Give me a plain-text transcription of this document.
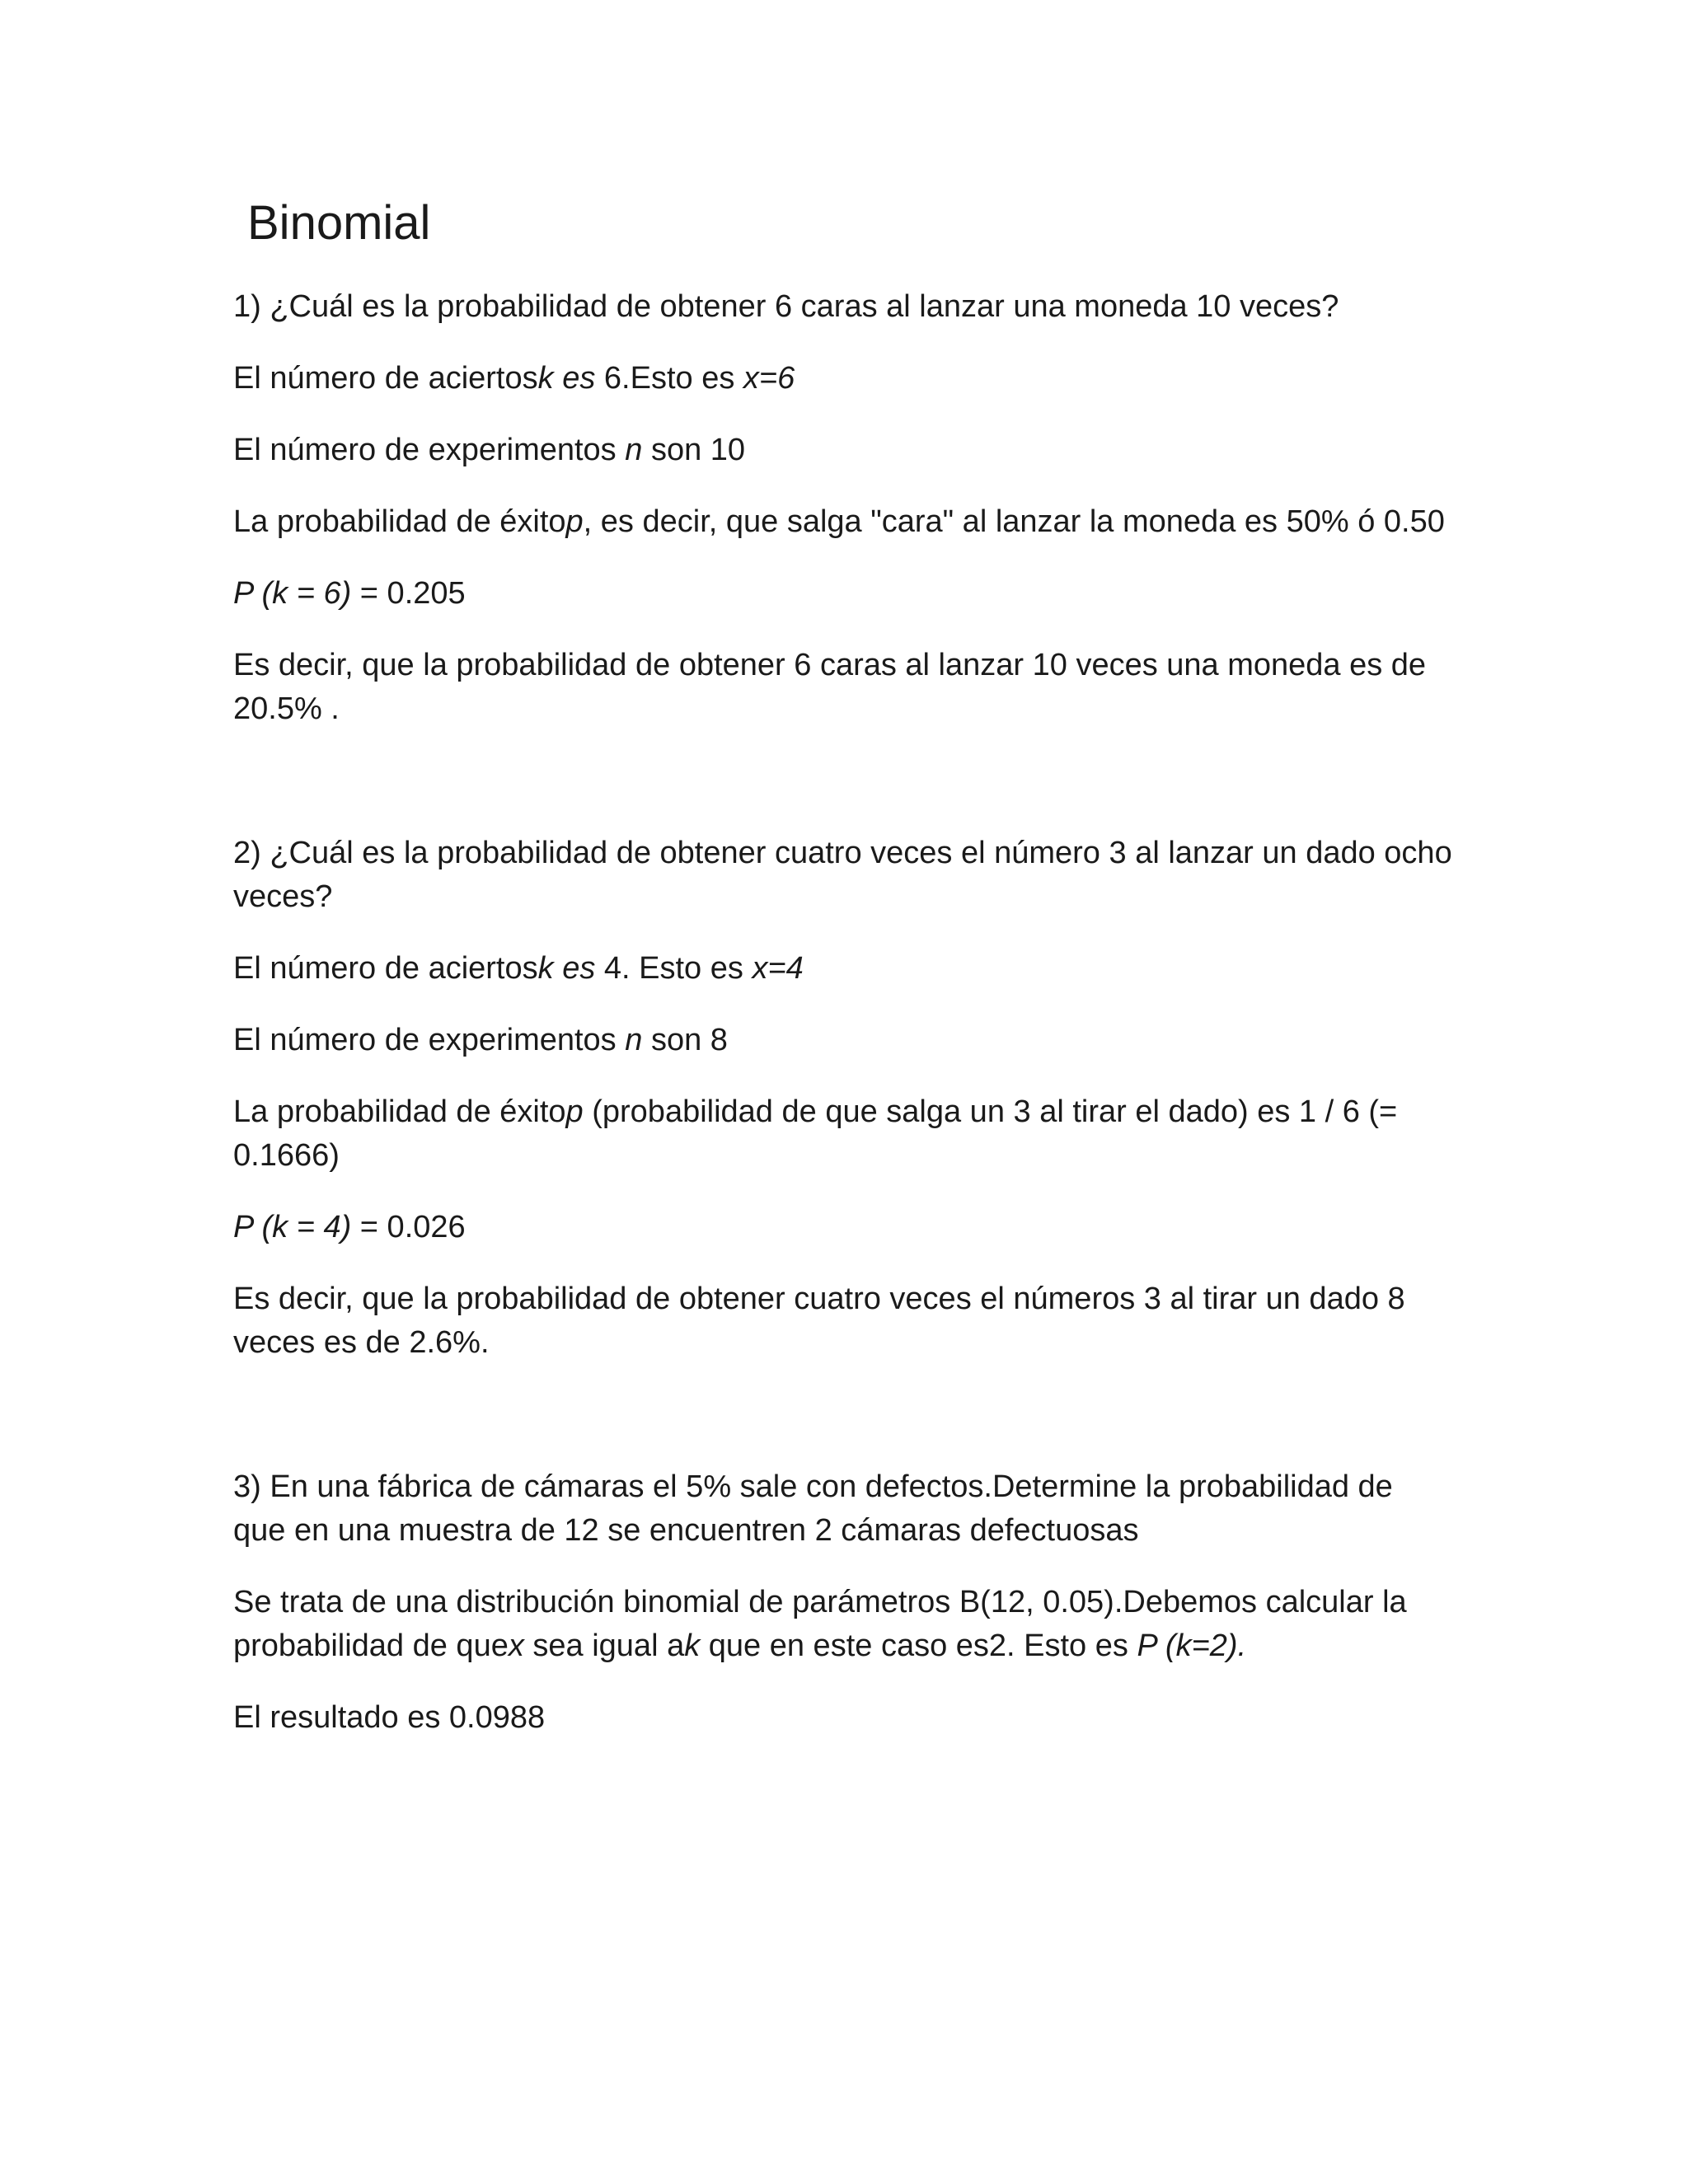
Binomial

1) ¿Cuál es la probabilidad de obtener 6 caras al lanzar una moneda 10 veces?

El número de aciertosk es 6.Esto es x=6

El número de experimentos n son 10

La probabilidad de éxitop, es decir, que salga "cara" al lanzar la moneda es 50% ó 0.50

P (k = 6) = 0.205

Es decir, que la probabilidad de obtener 6 caras al lanzar 10 veces una moneda es de 20.5% .

2) ¿Cuál es la probabilidad de obtener cuatro veces el número 3 al lanzar un dado ocho veces?

El número de aciertosk es 4. Esto es x=4

El número de experimentos n son 8

La probabilidad de éxitop (probabilidad de que salga un 3 al tirar el dado) es 1 / 6 (= 0.1666)

P (k = 4) = 0.026

Es decir, que la probabilidad de obtener cuatro veces el números 3 al tirar un dado 8 veces es de 2.6%.

3) En una fábrica de cámaras el 5% sale con defectos.Determine la probabilidad de que en una muestra de 12 se encuentren 2 cámaras defectuosas

Se trata de una distribución binomial de parámetros B(12, 0.05).Debemos calcular la probabilidad de quex sea igual ak que en este caso es2. Esto es P (k=2).

El resultado es 0.0988
